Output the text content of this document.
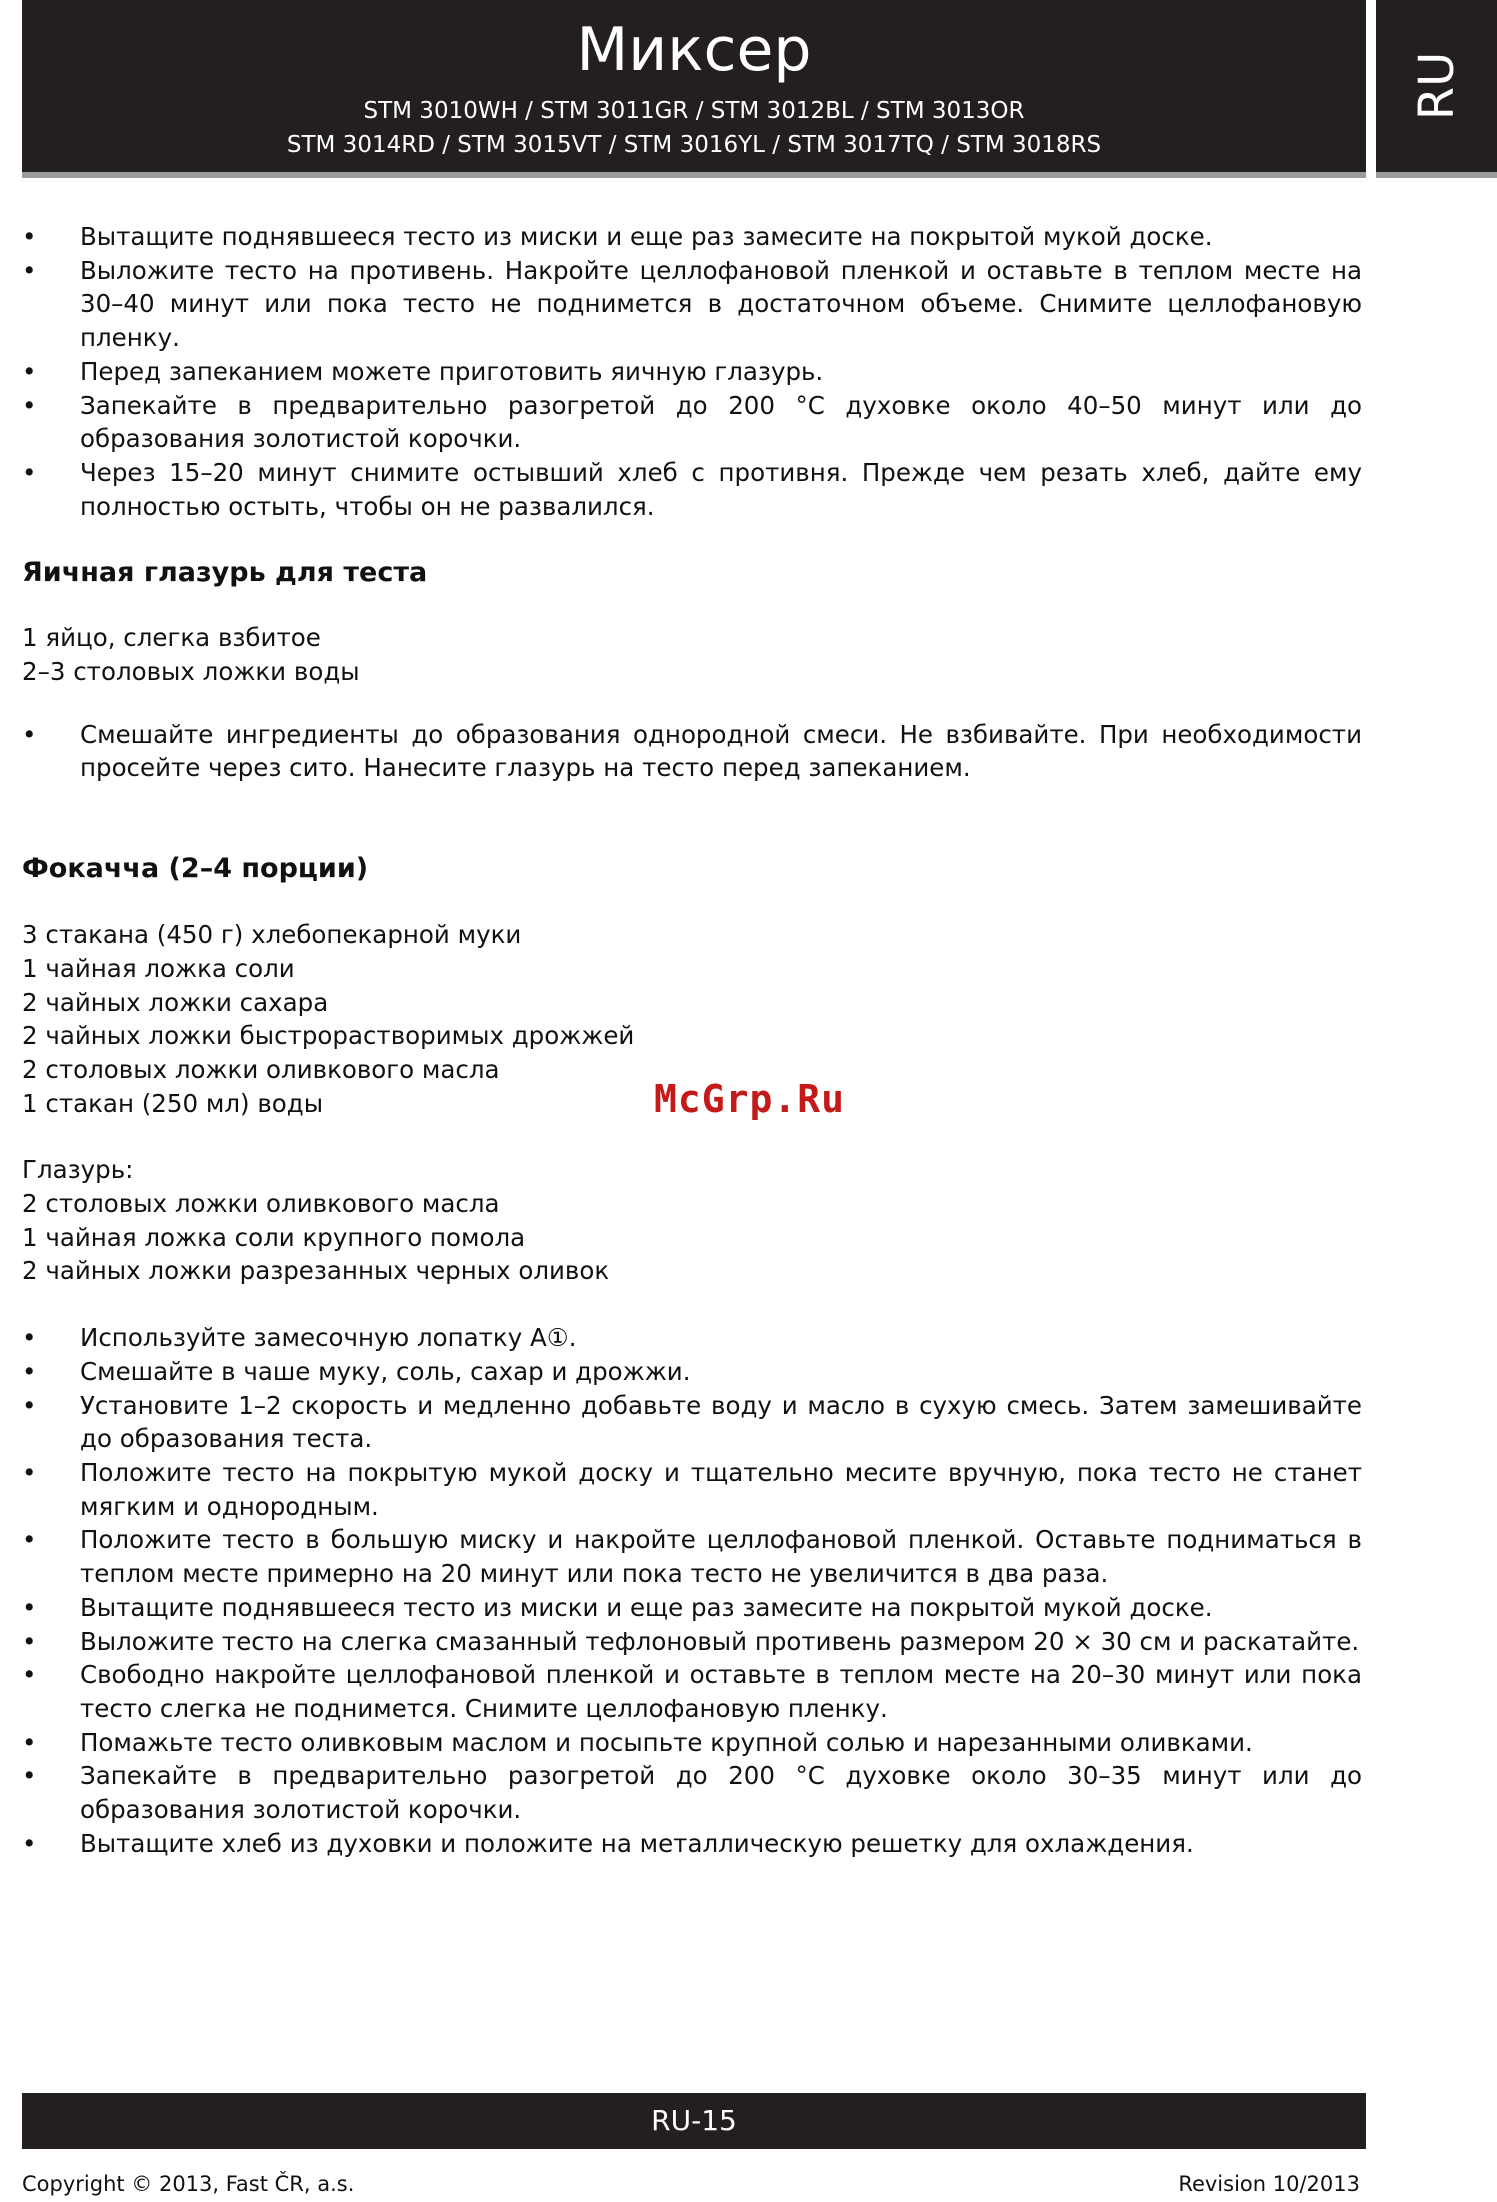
Миксер
STM 3010WH / STM 3011GR / STM 3012BL / STM 3013OR
STM 3014RD / STM 3015VT / STM 3016YL / STM 3017TQ / STM 3018RS
RU
• Вытащите поднявшееся тесто из миски и еще раз замесите на покрытой мукой доске.
• Выложите тесто на противень. Накройте целлофановой пленкой и оставьте в теплом месте на 30–40 минут или пока тесто не поднимется в достаточном объеме. Снимите целлофановую пленку.
• Перед запеканием можете приготовить яичную глазурь.
• Запекайте в предварительно разогретой до 200 °C духовке около 40–50 минут или до образования золотистой корочки.
• Через 15–20 минут снимите остывший хлеб с противня. Прежде чем резать хлеб, дайте ему полностью остыть, чтобы он не развалился.
Яичная глазурь для теста

1 яйцо, слегка взбитое

2–3 столовых ложки воды

• Смешайте ингредиенты до образования однородной смеси. Не взбивайте. При необходимости просейте через сито. Нанесите глазурь на тесто перед запеканием.
Фокачча (2–4 порции)

3 стакана (450 г) хлебопекарной муки

1 чайная ложка соли

2 чайных ложки сахара

2 чайных ложки быстрорастворимых дрожжей

2 столовых ложки оливкового масла

1 стакан (250 мл) воды

Глазурь:

2 столовых ложки оливкового масла

1 чайная ложка соли крупного помола

2 чайных ложки разрезанных черных оливок

• Используйте замесочную лопатку A①.
• Смешайте в чаше муку, соль, сахар и дрожжи.
• Установите 1–2 скорость и медленно добавьте воду и масло в сухую смесь. Затем замешивайте до образования теста.
• Положите тесто на покрытую мукой доску и тщательно месите вручную, пока тесто не станет мягким и однородным.
• Положите тесто в большую миску и накройте целлофановой пленкой. Оставьте подниматься в теплом месте примерно на 20 минут или пока тесто не увеличится в два раза.
• Вытащите поднявшееся тесто из миски и еще раз замесите на покрытой мукой доске.
• Выложите тесто на слегка смазанный тефлоновый противень размером 20 × 30 см и раскатайте.
• Свободно накройте целлофановой пленкой и оставьте в теплом месте на 20–30 минут или пока тесто слегка не поднимется. Снимите целлофановую пленку.
• Помажьте тесто оливковым маслом и посыпьте крупной солью и нарезанными оливками.
• Запекайте в предварительно разогретой до 200 °C духовке около 30–35 минут или до образования золотистой корочки.
• Вытащите хлеб из духовки и положите на металлическую решетку для охлаждения.
McGrp.Ru
RU-15
Copyright © 2013, Fast ČR, a.s.	Revision 10/2013
